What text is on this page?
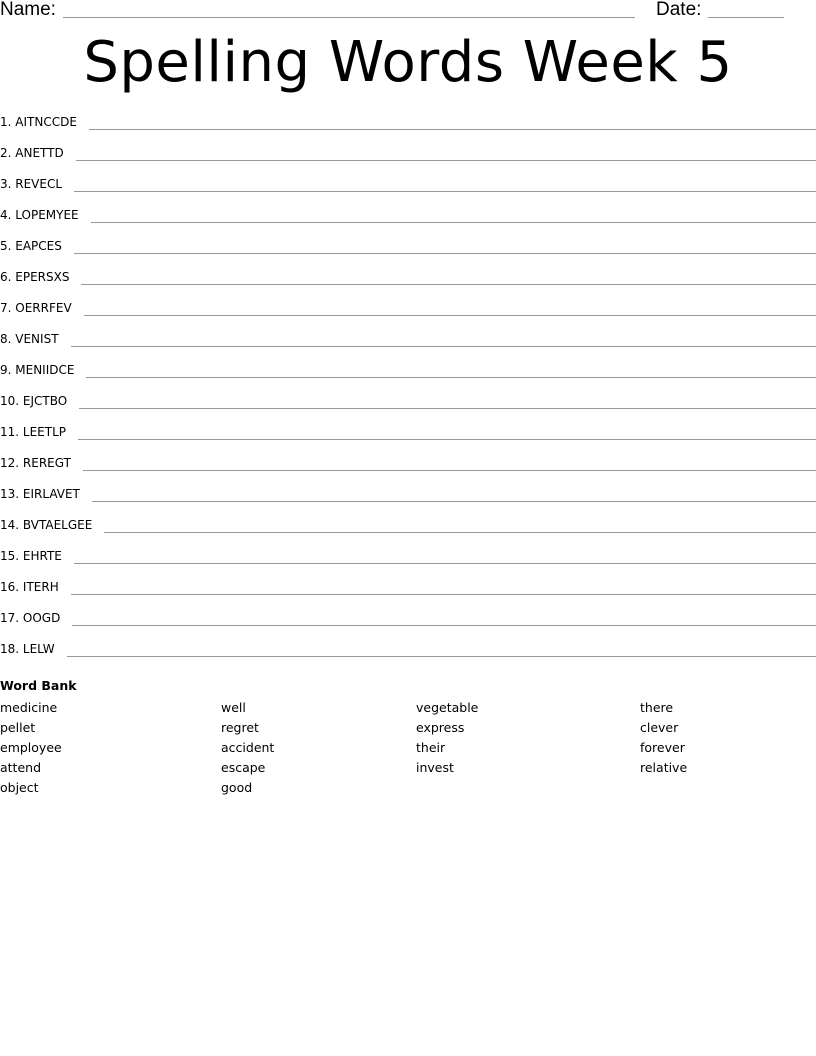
Name:	Date:
Spelling Words Week 5
1. AITNCCDE
2. ANETTD
3. REVECL
4. LOPEMYEE
5. EAPCES
6. EPERSXS
7. OERRFEV
8. VENIST
9. MENIIDCE
10. EJCTBO
11. LEETLP
12. REREGT
13. EIRLAVET
14. BVTAELGEE
15. EHRTE
16. ITERH
17. OOGD
18. LELW
Word Bank
medicine
pellet
employee
attend
object
well
regret
accident
escape
good
vegetable
express
their
invest
there
clever
forever
relative
